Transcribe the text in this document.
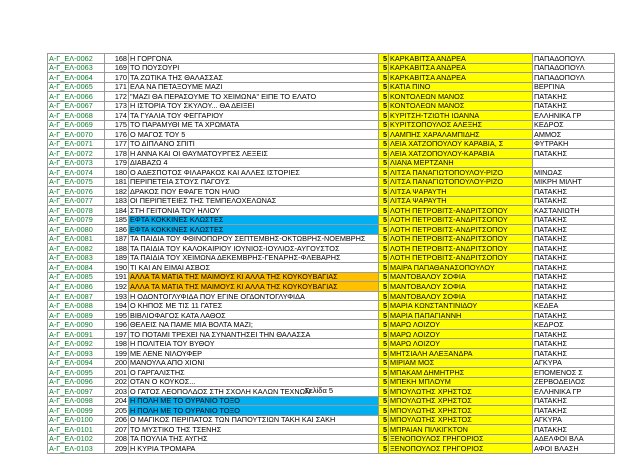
Α-Γ_ΕΛ-0062	168	Η ΓΟΡΓΟΝΑ	5	ΚΑΡΚΑΒΙΤΣΑ ΑΝΔΡΕΑ	ΠΑΠΑΔΟΠΟΥΛ
Α-Γ_ΕΛ-0063	169	ΤΟ ΠΟΥΣΟΥΡΙ	5	ΚΑΡΚΑΒΙΤΣΑ ΑΝΔΡΕΑ	ΠΑΠΑΔΟΠΟΥΛ
Α-Γ_ΕΛ-0064	170	ΤΑ ΖΩΤΙΚΑ ΤΗΣ ΘΑΛΑΣΣΑΣ	5	ΚΑΡΚΑΒΙΤΣΑ ΑΝΔΡΕΑ	ΠΑΠΑΔΟΠΟΥΛ
Α-Γ_ΕΛ-0065	171	ΕΛΑ ΝΑ ΠΕΤΑΞΟΥΜΕ ΜΑΖΙ	5	ΚΑΤΙΑ ΠΙΝΟ	ΒΕΡΓΙΝΑ
Α-Γ_ΕΛ-0066	172	"ΜΑΖΙ ΘΑ ΠΕΡΑΣΟΥΜΕ ΤΟ ΧΕΙΜΩΝΑ" ΕΙΠΕ ΤΟ ΕΛΑΤΟ	5	ΚΟΝΤΟΛΕΩΝ ΜΑΝΟΣ	ΠΑΤΑΚΗΣ
Α-Γ_ΕΛ-0067	173	Η ΙΣΤΟΡΙΑ ΤΟΥ ΣΚΥΛΟΥ... ΘΑ ΔΕΙΞΕΙ	5	ΚΟΝΤΟΛΕΩΝ ΜΑΝΟΣ	ΠΑΤΑΚΗΣ
Α-Γ_ΕΛ-0068	174	ΤΑ ΓΥΑΛΙΑ ΤΟΥ ΦΕΓΓΑΡΙΟΥ	5	ΚΥΡΙΤΣΗ-ΤΖΙΩΤΗ ΙΩΑΝΝΑ	ΕΛΛΗΝΙΚΑ ΓΡ
Α-Γ_ΕΛ-0069	175	ΤΟ ΠΑΡΑΜΥΘΙ ΜΕ ΤΑ ΧΡΩΜΑΤΑ	5	ΚΥΡΙΤΣΟΠΟΥΛΟΣ ΑΛΕΞΗΣ	ΚΕΔΡΟΣ
Α-Γ_ΕΛ-0070	176	Ο ΜΑΓΟΣ ΤΟΥ 5	5	ΛΑΜΠΗΣ ΧΑΡΑΛΑΜΠΙΔΗΣ	ΑΜΜΟΣ
Α-Γ_ΕΛ-0071	177	ΤΟ ΔΙΠΛΑΝΟ ΣΠΙΤΙ	5	ΛΕΙΑ ΧΑΤΖΟΠΟΥΛΟΥ ΚΑΡΑΒΙΑ, Σ	ΦΥΤΡΑΚΗ
Α-Γ_ΕΛ-0072	178	Η ΑΝΝΑ ΚΑΙ ΟΙ ΘΑΥΜΑΤΟΥΡΓΕΣ ΛΕΞΕΙΣ	5	ΛΕΙΑ ΧΑΤΖΟΠΟΥΛΟΥ-ΚΑΡΑΒΙΑ	ΠΑΤΑΚΗΣ
Α-Γ_ΕΛ-0073	179	ΔΙΑΒΑΖΩ 4	5	ΛΙΑΝΑ ΜΕΡΤΖΑΝΗ	
Α-Γ_ΕΛ-0074	180	Ο ΑΔΕΣΠΟΤΟΣ ΦΙΛΑΡΑΚΟΣ ΚΑΙ ΑΛΛΕΣ ΙΣΤΟΡΙΕΣ	5	ΛΙΤΣΑ ΠΑΝΑΓΙΩΤΟΠΟΥΛΟΥ-ΡΙΖΟ	ΜΙΝΩΑΣ
Α-Γ_ΕΛ-0075	181	ΠΕΡΙΠΕΤΕΙΑ ΣΤΟΥΣ ΠΑΓΟΥΣ	5	ΛΙΤΣΑ ΠΑΝΑΓΙΩΤΟΠΟΥΛΟΥ-ΡΙΖΟ	ΜΙΚΡΗ ΜΙΛΗΤ
Α-Γ_ΕΛ-0076	182	ΔΡΑΚΟΣ ΠΟΥ ΕΦΑΓΕ ΤΟΝ ΗΛΙΟ	5	ΛΙΤΣΑ ΨΑΡΑΥΤΗ	ΠΑΤΑΚΗΣ
Α-Γ_ΕΛ-0077	183	ΟΙ ΠΕΡΙΠΕΤΕΙΕΣ ΤΗΣ ΤΕΜΠΕΛΟΧΕΛΩΝΑΣ	5	ΛΙΤΣΑ ΨΑΡΑΥΤΗ	ΠΑΤΑΚΗΣ
Α-Γ_ΕΛ-0078	184	ΣΤΗ ΓΕΙΤΟΝΙΑ ΤΟΥ ΗΛΙΟΥ	5	ΛΟΤΗ ΠΕΤΡΟΒΙΤΣ-ΑΝΔΡΙΤΣΟΠΟΥ	ΚΑΣΤΑΝΙΩΤΗ
Α-Γ_ΕΛ-0079	185	ΕΦΤΑ ΚΟΚΚΙΝΕΣ ΚΛΩΣΤΕΣ	5	ΛΟΤΗ ΠΕΤΡΟΒΙΤΣ-ΑΝΔΡΙΤΣΟΠΟΥ	ΠΑΤΑΚΗΣ
Α-Γ_ΕΛ-0080	186	ΕΦΤΑ ΚΟΚΚΙΝΕΣ ΚΛΩΣΤΕΣ	5	ΛΟΤΗ ΠΕΤΡΟΒΙΤΣ-ΑΝΔΡΙΤΣΟΠΟΥ	ΠΑΤΑΚΗΣ
Α-Γ_ΕΛ-0081	187	ΤΑ ΠΑΙΔΙΑ ΤΟΥ ΦΘΙΝΟΠΩΡΟΥ ΣΕΠΤΕΜΒΗΣ-ΟΚΤΩΒΡΗΣ-ΝΟΕΜΒΡΗΣ	5	ΛΟΤΗ ΠΕΤΡΟΒΙΤΣ-ΑΝΔΡΙΤΣΟΠΟΥ	ΠΑΤΑΚΗΣ
Α-Γ_ΕΛ-0082	188	ΤΑ ΠΑΙΔΙΑ ΤΟΥ ΚΑΛΟΚΑΙΡΙΟΥ ΙΟΥΝΙΟΣ-ΙΟΥΛΙΟΣ-ΑΥΓΟΥΣΤΟΣ	5	ΛΟΤΗ ΠΕΤΡΟΒΙΤΣ-ΑΝΔΡΙΤΣΟΠΟΥ	ΠΑΤΑΚΗΣ
Α-Γ_ΕΛ-0083	189	ΤΑ ΠΑΙΔΙΑ ΤΟΥ ΧΕΙΜΩΝΑ ΔΕΚΕΜΒΡΗΣ-ΓΕΝΑΡΗΣ-ΦΛΕΒΑΡΗΣ	5	ΛΟΤΗ ΠΕΤΡΟΒΙΤΣ-ΑΝΔΡΙΤΣΟΠΟΥ	ΠΑΤΑΚΗΣ
Α-Γ_ΕΛ-0084	190	ΤΙ ΚΑΙ ΑΝ ΕΙΜΑΙ ΑΣΒΟΣ	5	ΜΑΙΡΑ ΠΑΠΑΘΑΝΑΣΟΠΟΥΛΟΥ	ΠΑΤΑΚΗΣ
Α-Γ_ΕΛ-0085	191	ΑΛΛΑ ΤΑ ΜΑΤΙΑ ΤΗΣ ΜΑΙΜΟΥΣ ΚΙ ΑΛΛΑ ΤΗΣ ΚΟΥΚΟΥΒΑΓΙΑΣ	5	ΜΑΝΤΟΒΑΛΟΥ ΣΟΦΙΑ	ΠΑΤΑΚΗΣ
Α-Γ_ΕΛ-0086	192	ΑΛΛΑ ΤΑ ΜΑΤΙΑ ΤΗΣ ΜΑΙΜΟΥΣ ΚΙ ΑΛΛΑ ΤΗΣ ΚΟΥΚΟΥΒΑΓΙΑΣ	5	ΜΑΝΤΟΒΑΛΟΥ ΣΟΦΙΑ	ΠΑΤΑΚΗΣ
Α-Γ_ΕΛ-0087	193	Η ΟΔΟΝΤΟΓΛΥΦΙΔΑ ΠΟΥ ΕΓΙΝΕ ΟΓΔΟΝΤΟΓΛΥΦΙΔΑ	5	ΜΑΝΤΟΒΑΛΟΥ ΣΟΦΙΑ	ΠΑΤΑΚΗΣ
Α-Γ_ΕΛ-0088	194	Ο ΚΗΠΟΣ ΜΕ ΤΙΣ 11 ΓΑΤΕΣ	5	ΜΑΡΙΑ ΚΩΝΣΤΑΝΤΙΝΙΔΟΥ	ΚΕΔΕΑ
Α-Γ_ΕΛ-0089	195	ΒΙΒΛΙΟΦΑΓΟΣ ΚΑΤΑ ΛΑΘΟΣ	5	ΜΑΡΙΑ ΠΑΠΑΓΙΑΝΝΗ	ΠΑΤΑΚΗΣ
Α-Γ_ΕΛ-0090	196	ΘΕΛΕΙΣ ΝΑ ΠΑΜΕ ΜΙΑ ΒΟΛΤΑ ΜΑΖΙ;	5	ΜΑΡΩ ΛΟΙΖΟΥ	ΚΕΔΡΟΣ
Α-Γ_ΕΛ-0091	197	ΤΟ ΠΟΤΑΜΙ ΤΡΕΧΕΙ ΝΑ ΣΥΝΑΝΤΗΣΕΙ ΤΗΝ ΘΑΛΑΣΣΑ	5	ΜΑΡΩ ΛΟΙΖΟΥ	ΠΑΤΑΚΗΣ
Α-Γ_ΕΛ-0092	198	Η ΠΟΛΙΤΕΙΑ ΤΟΥ ΒΥΘΟΥ	5	ΜΑΡΩ ΛΟΙΖΟΥ	ΠΑΤΑΚΗΣ
Α-Γ_ΕΛ-0093	199	ΜΕ ΛΕΝΕ ΝΙΛΟΥΦΕΡ	5	ΜΗΤΣΙΑΛΗ ΑΛΕΞΑΝΔΡΑ	ΠΑΤΑΚΗΣ
Α-Γ_ΕΛ-0094	200	ΜΑΝΟΥΛΑ ΑΠΟ ΧΙΟΝΙ	5	ΜΙΡΙΑΜ ΜΟΣ	ΑΓΚΥΡΑ
Α-Γ_ΕΛ-0095	201	Ο ΓΑΡΓΑΛΙΣΤΗΣ	5	ΜΠΑΚΑΜ ΔΗΜΗΤΡΗΣ	ΕΠΟΜΕΝΟΣ Σ
Α-Γ_ΕΛ-0096	202	ΟΤΑΝ Ο ΚΟΥΚΟΣ...	5	ΜΠΕΚΗ ΜΠΛΟΥΜ	ΖΕΡΒΟΔΕΙΛΟΣ
Α-Γ_ΕΛ-0097	203	Ο ΓΑΤΟΣ ΛΕΟΠΟΛΔΟΣ ΣΤΗ ΣΧΟΛΗ ΚΑΛΩΝ ΤΕΧΝΩΝ	5	ΜΠΟΥΛΩΤΗΣ ΧΡΗΣΤΟΣ	ΕΛΛΗΝΙΚΑ ΓΡ
Α-Γ_ΕΛ-0098	204	Η ΠΟΛΗ ΜΕ ΤΟ ΟΥΡΑΝΙΟ ΤΟΞΟ	5	ΜΠΟΥΛΩΤΗΣ ΧΡΗΣΤΟΣ	ΠΑΤΑΚΗΣ
Α-Γ_ΕΛ-0099	205	Η ΠΟΛΗ ΜΕ ΤΟ ΟΥΡΑΝΙΟ ΤΟΞΟ	5	ΜΠΟΥΛΩΤΗΣ ΧΡΗΣΤΟΣ	ΠΑΤΑΚΗΣ
Α-Γ_ΕΛ-0100	206	Ο ΜΑΓΙΚΟΣ ΠΕΡΙΠΑΤΟΣ ΤΩΝ ΠΑΠΟΥΤΣΙΩΝ ΤΑΚΗ ΚΑΙ ΣΑΚΗ	5	ΜΠΟΥΛΩΤΗΣ ΧΡΗΣΤΟΣ	ΑΓΚΥΡΑ
Α-Γ_ΕΛ-0101	207	ΤΟ ΜΥΣΤΙΚΟ ΤΗΣ ΤΣΕΝΗΣ	5	ΜΠΡΑΙΑΝ ΠΙΛΚΙΓΚΤΟΝ	ΠΑΤΑΚΗΣ
Α-Γ_ΕΛ-0102	208	ΤΑ ΠΟΥΛΙΑ ΤΗΣ ΑΥΓΗΣ	5	ΞΕΝΟΠΟΥΛΟΣ ΓΡΗΓΟΡΙΟΣ	ΑΔΕΛΦΟΙ ΒΛΑ
Α-Γ_ΕΛ-0103	209	Η ΚΥΡΙΑ ΤΡΟΜΑΡΑ	5	ΞΕΝΟΠΟΥΛΟΣ ΓΡΗΓΟΡΙΟΣ	ΑΦΟΙ ΒΛΑΣΗ
Σελίδα 5
